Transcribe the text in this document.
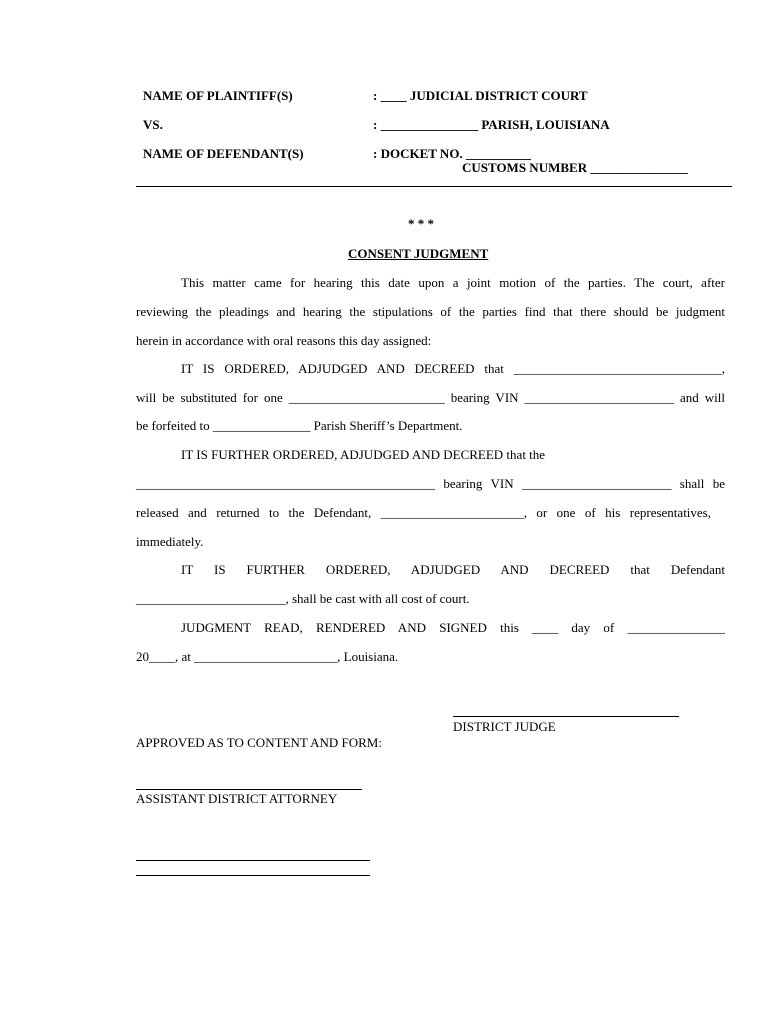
NAME OF PLAINTIFF(S)	: ____ JUDICIAL DISTRICT COURT
VS.	: _______________ PARISH, LOUISIANA
NAME OF DEFENDANT(S)	: DOCKET NO. __________
CUSTOMS NUMBER _______________
* * *
CONSENT JUDGMENT
This matter came for hearing this date upon a joint motion of the parties. The court, after
reviewing the pleadings and hearing the stipulations of the parties find that there should be judgment
herein in accordance with oral reasons this day assigned:
IT IS ORDERED, ADJUDGED AND DECREED that ________________________________,
will be substituted for one ________________________ bearing VIN _______________________ and will
be forfeited to _______________ Parish Sheriff’s Department.
IT IS FURTHER ORDERED, ADJUDGED AND DECREED that the
______________________________________________ bearing VIN _______________________ shall be
released and returned to the Defendant, ______________________, or one of his representatives,
immediately.
IT IS FURTHER ORDERED, ADJUDGED AND DECREED that Defendant
_______________________, shall be cast with all cost of court.
JUDGMENT READ, RENDERED AND SIGNED this ____ day of _______________
20____, at ______________________, Louisiana.
DISTRICT JUDGE
APPROVED AS TO CONTENT AND FORM:
ASSISTANT DISTRICT ATTORNEY
